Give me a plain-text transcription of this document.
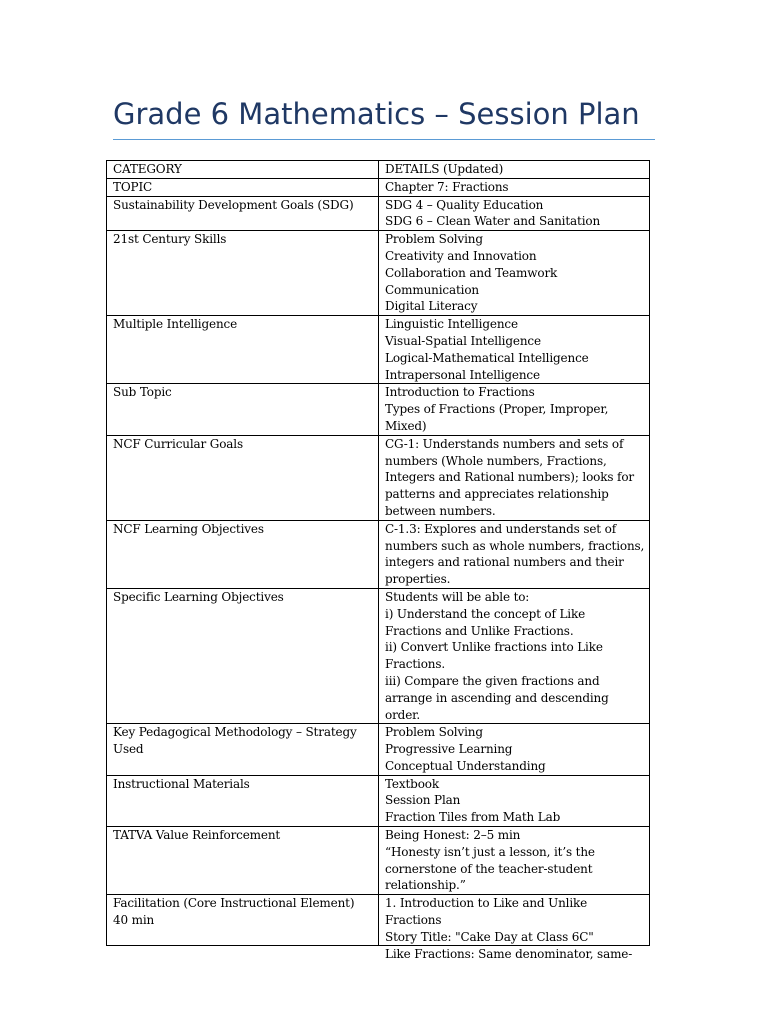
Grade 6 Mathematics – Session Plan
CATEGORY	DETAILS (Updated)
TOPIC	Chapter 7: Fractions

Sustainability Development Goals (SDG)	SDG 4 – Quality Education
SDG 6 – Clean Water and Sanitation

21st Century Skills	Problem Solving
Creativity and Innovation
Collaboration and Teamwork
Communication
Digital Literacy

Multiple Intelligence	Linguistic Intelligence
Visual-Spatial Intelligence
Logical-Mathematical Intelligence
Intrapersonal Intelligence

Sub Topic	Introduction to Fractions
Types of Fractions (Proper, Improper, Mixed)

NCF Curricular Goals	CG-1: Understands numbers and sets of numbers (Whole numbers, Fractions, Integers and Rational numbers); looks for patterns and appreciates relationship between numbers.

NCF Learning Objectives	C-1.3: Explores and understands set of numbers such as whole numbers, fractions, integers and rational numbers and their properties.

Specific Learning Objectives	Students will be able to:
i) Understand the concept of Like Fractions and Unlike Fractions.
ii) Convert Unlike fractions into Like Fractions.
iii) Compare the given fractions and arrange in ascending and descending order.

Key Pedagogical Methodology – Strategy Used	Problem Solving
Progressive Learning
Conceptual Understanding

Instructional Materials	Textbook
Session Plan
Fraction Tiles from Math Lab

TATVA Value Reinforcement	Being Honest: 2–5 min
“Honesty isn’t just a lesson, it’s the cornerstone of the teacher-student relationship.”

Facilitation (Core Instructional Element) 40 min	1. Introduction to Like and Unlike Fractions
Story Title: "Cake Day at Class 6C"
Like Fractions: Same denominator, same-
